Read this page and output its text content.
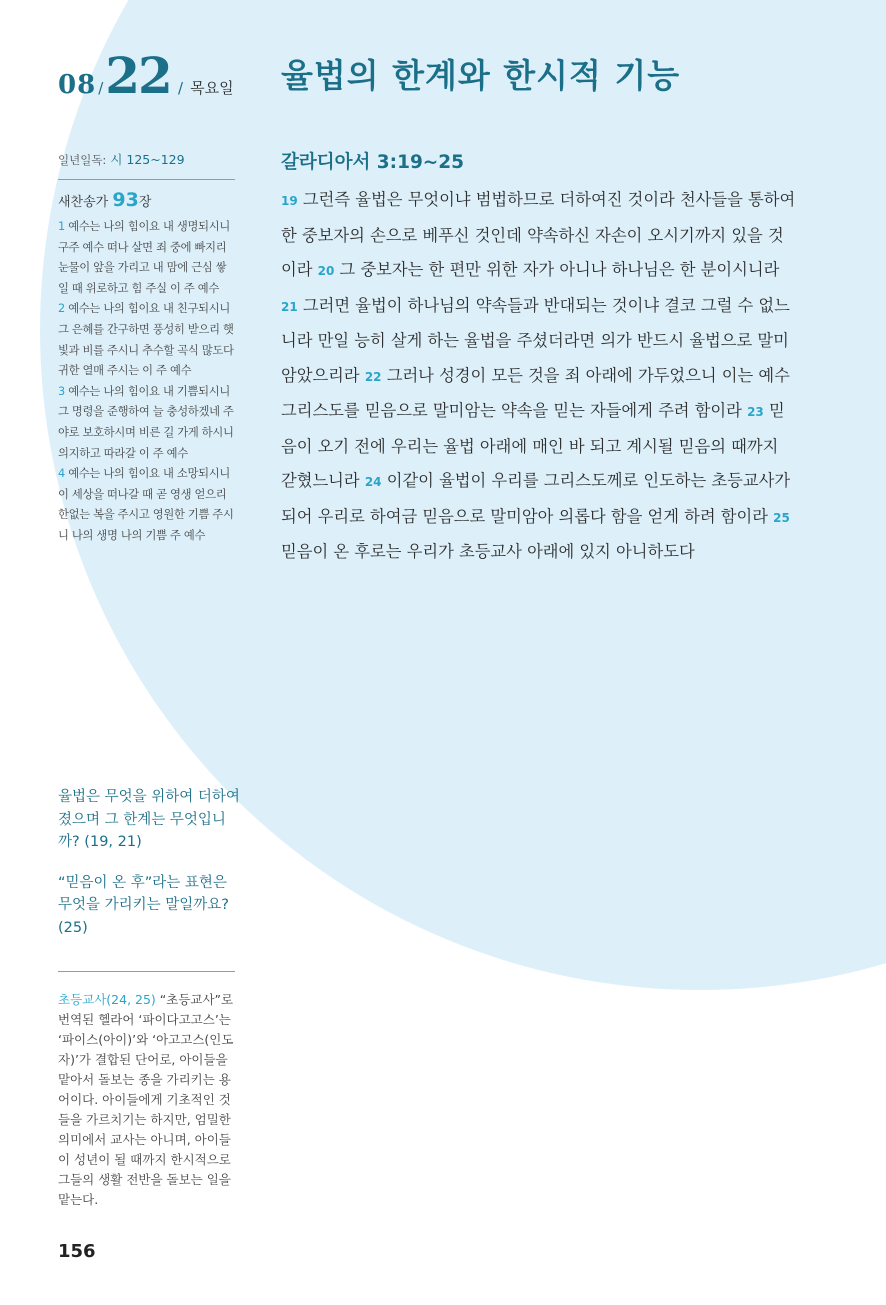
08 /22 / 목요일 율법의 한계와 한시적 기능
일년일독: 시 125~129
새찬송가 93장

1 예수는 나의 힘이요 내 생명되시니 구주 예수 떠나 살면 죄 중에 빠지리 눈물이 앞을 가리고 내 맘에 근심 쌓일 때 위로하고 힘 주실 이 주 예수

2 예수는 나의 힘이요 내 친구되시니 그 은혜를 간구하면 풍성히 받으리 햇빛과 비를 주시니 추수할 곡식 많도다 귀한 열매 주시는 이 주 예수

3 예수는 나의 힘이요 내 기쁨되시니 그 명령을 준행하여 늘 충성하겠네 주야로 보호하시며 비른 길 가게 하시니 의지하고 따라갈 이 주 예수

4 예수는 나의 힘이요 내 소망되시니 이 세상을 떠나갈 때 곧 영생 얻으리 한없는 복을 주시고 영원한 기쁨 주시니 나의 생명 나의 기쁨 주 예수

율법은 무엇을 위하여 더하여졌으며 그 한계는 무엇입니까? (19, 21)

“믿음이 온 후”라는 표현은 무엇을 가리키는 말일까요? (25)

초등교사(24, 25) “초등교사”로 번역된 헬라어 ‘파이다고고스’는 ‘파이스(아이)’와 ‘아고고스(인도자)’가 결합된 단어로, 아이들을 맡아서 돌보는 종을 가리키는 용어이다. 아이들에게 기초적인 것들을 가르치기는 하지만, 엄밀한 의미에서 교사는 아니며, 아이들이 성년이 될 때까지 한시적으로 그들의 생활 전반을 돌보는 일을 맡는다.
156
갈라디아서 3:19~25
19 그런즉 율법은 무엇이냐 범법하므로 더하여진 것이라 천사들을 통하여 한 중보자의 손으로 베푸신 것인데 약속하신 자손이 오시기까지 있을 것이라 20 그 중보자는 한 편만 위한 자가 아니나 하나님은 한 분이시니라 21 그러면 율법이 하나님의 약속들과 반대되는 것이냐 결코 그럴 수 없느니라 만일 능히 살게 하는 율법을 주셨더라면 의가 반드시 율법으로 말미암았으리라 22 그러나 성경이 모든 것을 죄 아래에 가두었으니 이는 예수 그리스도를 믿음으로 말미암는 약속을 믿는 자들에게 주려 함이라 23 믿음이 오기 전에 우리는 율법 아래에 매인 바 되고 계시될 믿음의 때까지 갇혔느니라 24 이같이 율법이 우리를 그리스도께로 인도하는 초등교사가 되어 우리로 하여금 믿음으로 말미암아 의롭다 함을 얻게 하려 함이라 25 믿음이 온 후로는 우리가 초등교사 아래에 있지 아니하도다
